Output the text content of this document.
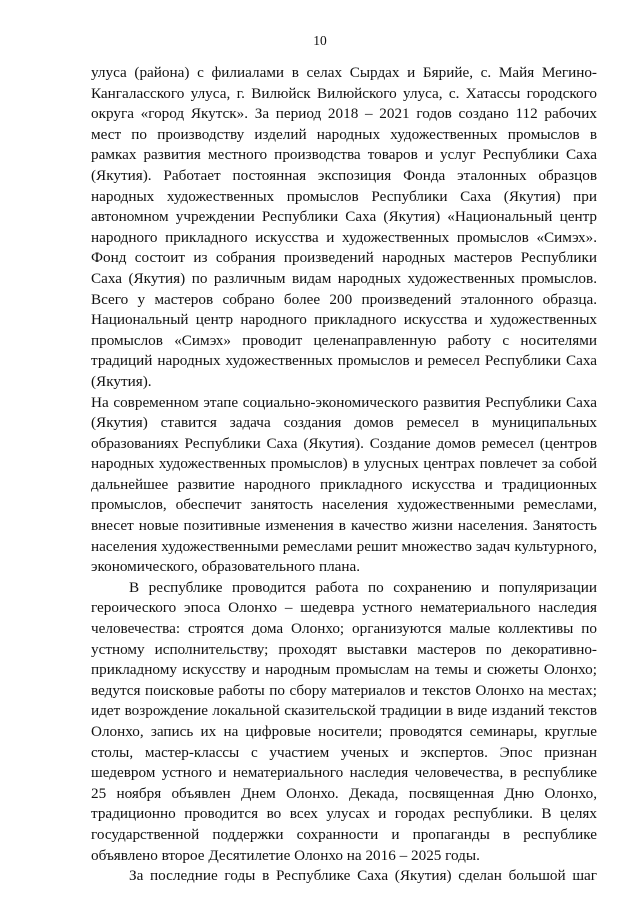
10

улуса (района) с филиалами в селах Сырдах и Бярийе, с. Майя Мегино-Кангаласского улуса, г. Вилюйск Вилюйского улуса, с. Хатассы городского округа «город Якутск». За период 2018 – 2021 годов создано 112 рабочих мест по производству изделий народных художественных промыслов в рамках развития местного производства товаров и услуг Республики Саха (Якутия). Работает постоянная экспозиция Фонда эталонных образцов народных художественных промыслов Республики Саха (Якутия) при автономном учреждении Республики Саха (Якутия) «Национальный центр народного прикладного искусства и художественных промыслов «Симэх». Фонд состоит из собрания произведений народных мастеров Республики Саха (Якутия) по различным видам народных художественных промыслов. Всего у мастеров собрано более 200 произведений эталонного образца. Национальный центр народного прикладного искусства и художественных промыслов «Симэх» проводит целенаправленную работу с носителями традиций народных художественных промыслов и ремесел Республики Саха (Якутия).

На современном этапе социально-экономического развития Республики Саха (Якутия) ставится задача создания домов ремесел в муниципальных образованиях Республики Саха (Якутия). Создание домов ремесел (центров народных художественных промыслов) в улусных центрах повлечет за собой дальнейшее развитие народного прикладного искусства и традиционных промыслов, обеспечит занятость населения художественными ремеслами, внесет новые позитивные изменения в качество жизни населения. Занятость населения художественными ремеслами решит множество задач культурного, экономического, образовательного плана.

В республике проводится работа по сохранению и популяризации героического эпоса Олонхо – шедевра устного нематериального наследия человечества: строятся дома Олонхо; организуются малые коллективы по устному исполнительству; проходят выставки мастеров по декоративно-прикладному искусству и народным промыслам на темы и сюжеты Олонхо; ведутся поисковые работы по сбору материалов и текстов Олонхо на местах; идет возрождение локальной сказительской традиции в виде изданий текстов Олонхо, запись их на цифровые носители; проводятся семинары, круглые столы, мастер-классы с участием ученых и экспертов. Эпос признан шедевром устного и нематериального наследия человечества, в республике 25 ноября объявлен Днем Олонхо. Декада, посвященная Дню Олонхо, традиционно проводится во всех улусах и городах республики. В целях государственной поддержки сохранности и пропаганды в республике объявлено второе Десятилетие Олонхо на 2016 – 2025 годы.

За последние годы в Республике Саха (Якутия) сделан большой шаг
